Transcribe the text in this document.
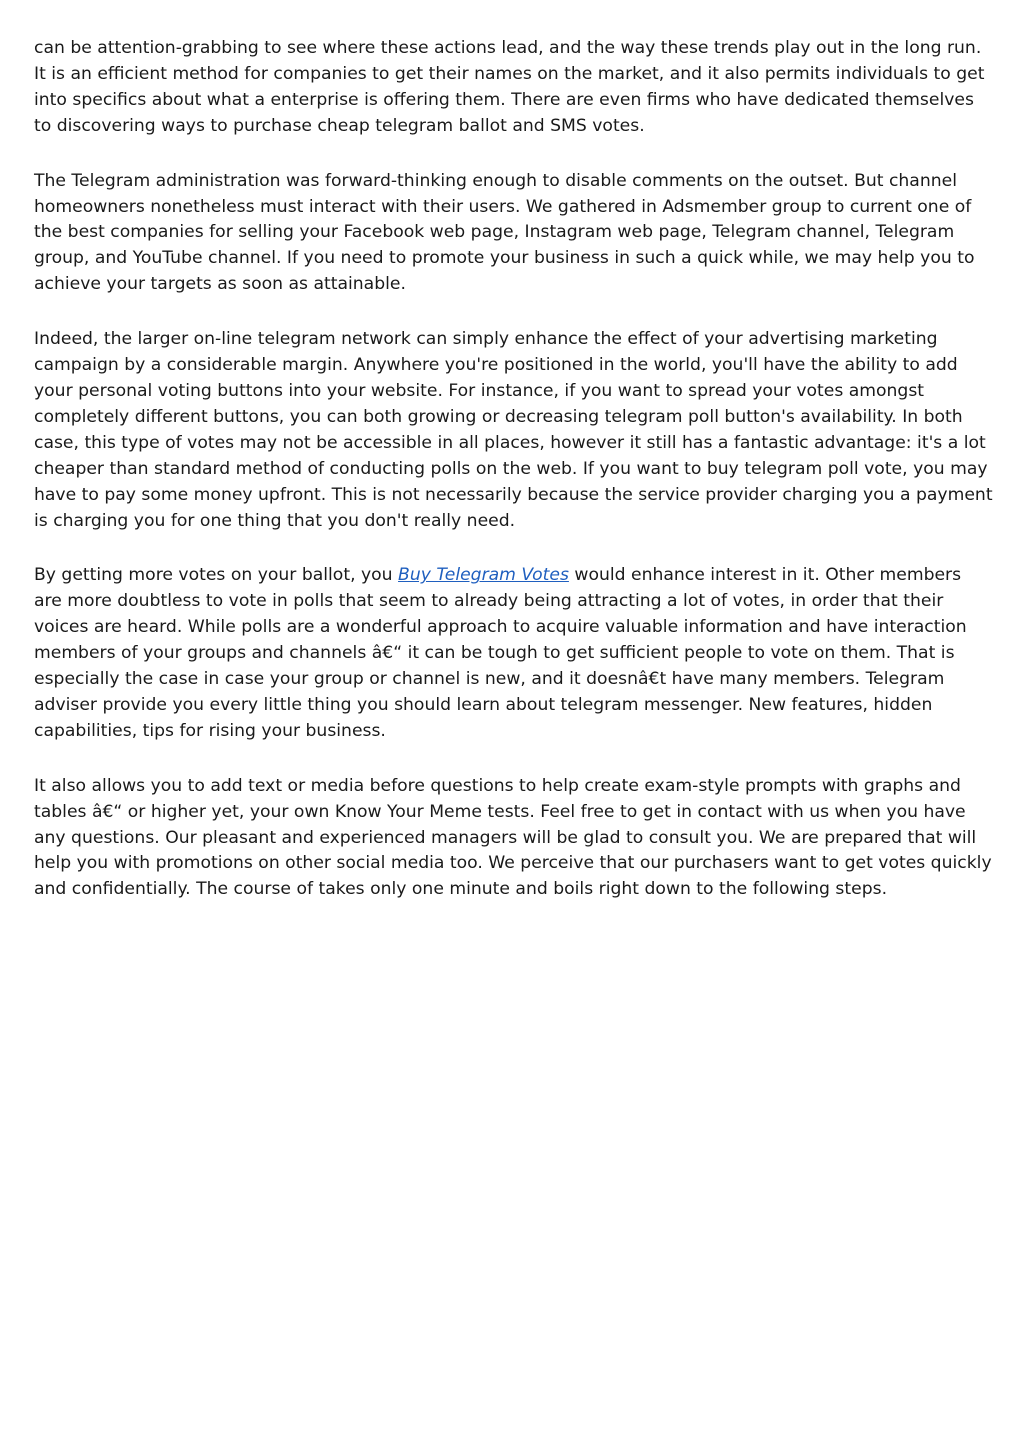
can be attention-grabbing to see where these actions lead, and the way these trends play out in the long run. It is an efficient method for companies to get their names on the market, and it also permits individuals to get into specifics about what a enterprise is offering them. There are even firms who have dedicated themselves to discovering ways to purchase cheap telegram ballot and SMS votes.

The Telegram administration was forward-thinking enough to disable comments on the outset. But channel homeowners nonetheless must interact with their users. We gathered in Adsmember group to current one of the best companies for selling your Facebook web page, Instagram web page, Telegram channel, Telegram group, and YouTube channel. If you need to promote your business in such a quick while, we may help you to achieve your targets as soon as attainable.

Indeed, the larger on-line telegram network can simply enhance the effect of your advertising marketing campaign by a considerable margin. Anywhere you're positioned in the world, you'll have the ability to add your personal voting buttons into your website. For instance, if you want to spread your votes amongst completely different buttons, you can both growing or decreasing telegram poll button's availability. In both case, this type of votes may not be accessible in all places, however it still has a fantastic advantage: it's a lot cheaper than standard method of conducting polls on the web. If you want to buy telegram poll vote, you may have to pay some money upfront. This is not necessarily because the service provider charging you a payment is charging you for one thing that you don't really need.

By getting more votes on your ballot, you Buy Telegram Votes would enhance interest in it. Other members are more doubtless to vote in polls that seem to already being attracting a lot of votes, in order that their voices are heard. While polls are a wonderful approach to acquire valuable information and have interaction members of your groups and channels â€“ it can be tough to get sufficient people to vote on them. That is especially the case in case your group or channel is new, and it doesnâ€t have many members. Telegram adviser provide you every little thing you should learn about telegram messenger. New features, hidden capabilities, tips for rising your business.

It also allows you to add text or media before questions to help create exam-style prompts with graphs and tables â€“ or higher yet, your own Know Your Meme tests. Feel free to get in contact with us when you have any questions. Our pleasant and experienced managers will be glad to consult you. We are prepared that will help you with promotions on other social media too. We perceive that our purchasers want to get votes quickly and confidentially. The course of takes only one minute and boils right down to the following steps.
